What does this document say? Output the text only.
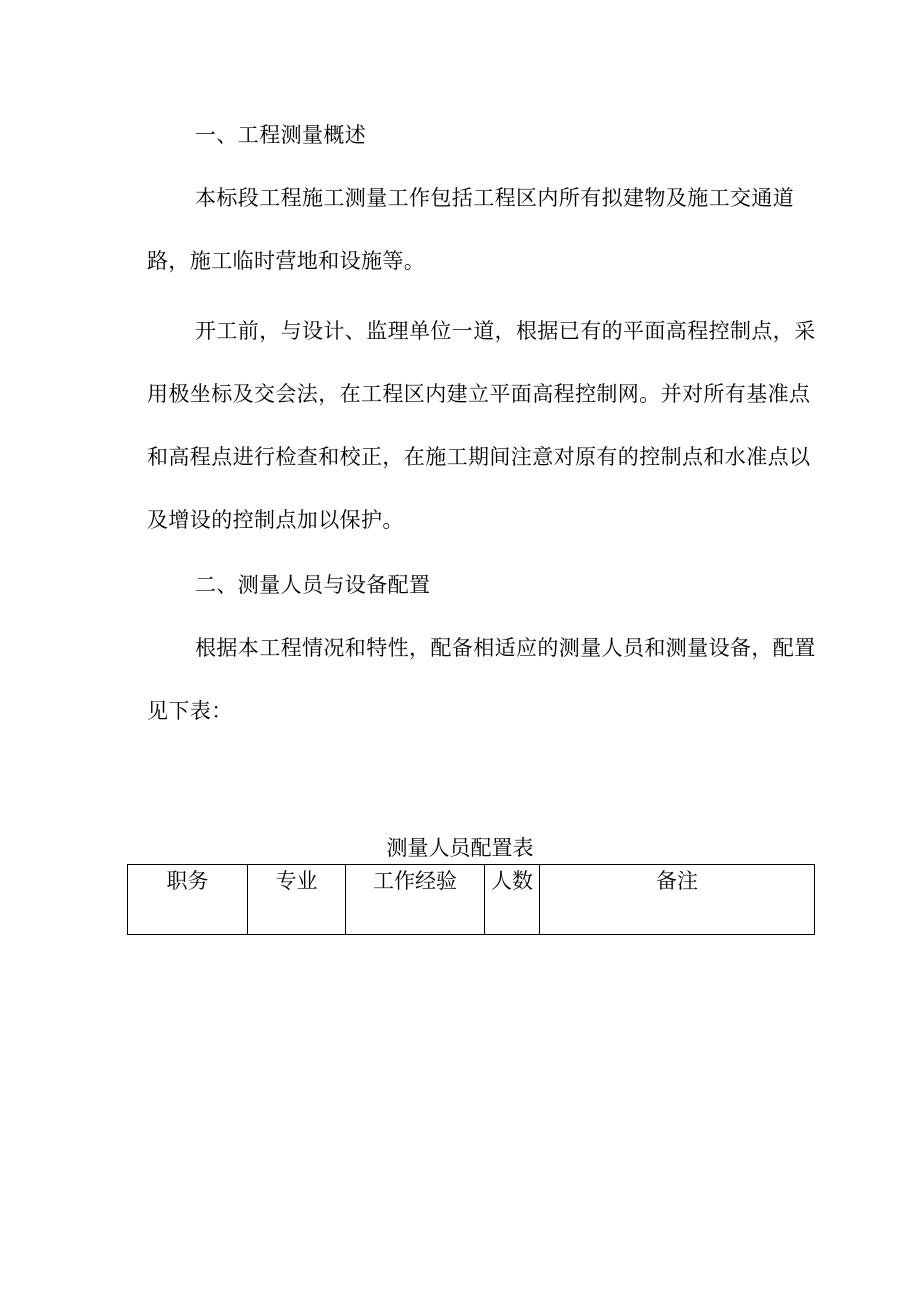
一、工程测量概述

本标段工程施工测量工作包括工程区内所有拟建物及施工交通道路，施工临时营地和设施等。

开工前，与设计、监理单位一道，根据已有的平面高程控制点，采用极坐标及交会法，在工程区内建立平面高程控制网。并对所有基准点和高程点进行检查和校正，在施工期间注意对原有的控制点和水准点以及增设的控制点加以保护。

二、测量人员与设备配置

根据本工程情况和特性，配备相适应的测量人员和测量设备，配置见下表：

测量人员配置表
职务	专业	工作经验	人数	备注
